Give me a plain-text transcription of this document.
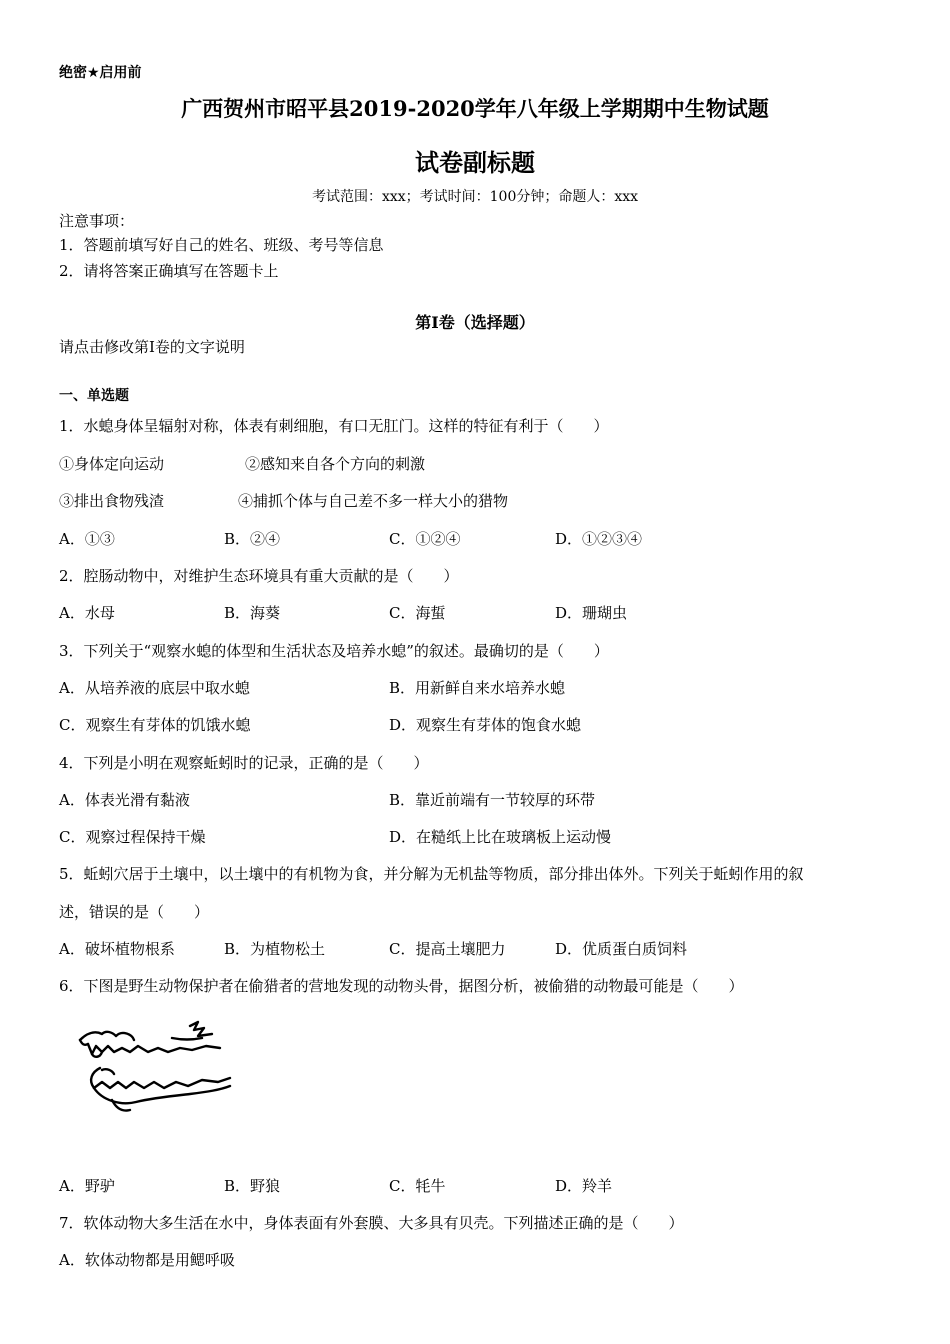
绝密★启用前
广西贺州市昭平县2019-2020学年八年级上学期期中生物试题
试卷副标题
考试范围：xxx；考试时间：100分钟；命题人：xxx
注意事项：
1．答题前填写好自己的姓名、班级、考号等信息
2．请将答案正确填写在答题卡上
第I卷（选择题）
请点击修改第I卷的文字说明
一、单选题
1．水螅身体呈辐射对称，体表有刺细胞，有口无肛门。这样的特征有利于（　　）
①身体定向运动	②感知来自各个方向的刺激
③排出食物残渣	④捕抓个体与自己差不多一样大小的猎物
A．①③	B．②④	C．①②④	D．①②③④
2．腔肠动物中，对维护生态环境具有重大贡献的是（　　）
A．水母	B．海葵	C．海蜇	D．珊瑚虫
3．下列关于“观察水螅的体型和生活状态及培养水螅”的叙述。最确切的是（　　）
A．从培养液的底层中取水螅	B．用新鲜自来水培养水螅
C．观察生有芽体的饥饿水螅	D．观察生有芽体的饱食水螅
4．下列是小明在观察蚯蚓时的记录，正确的是（　　）
A．体表光滑有黏液	B．靠近前端有一节较厚的环带
C．观察过程保持干燥	D．在糙纸上比在玻璃板上运动慢
5．蚯蚓穴居于土壤中，以土壤中的有机物为食，并分解为无机盐等物质，部分排出体外。下列关于蚯蚓作用的叙
述，错误的是（　　）
A．破坏植物根系	B．为植物松土	C．提高土壤肥力	D．优质蛋白质饲料
6．下图是野生动物保护者在偷猎者的营地发现的动物头骨，据图分析，被偷猎的动物最可能是（　　）
A．野驴	B．野狼	C．牦牛	D．羚羊
7．软体动物大多生活在水中，身体表面有外套膜、大多具有贝壳。下列描述正确的是（　　）
A．软体动物都是用鳃呼吸
